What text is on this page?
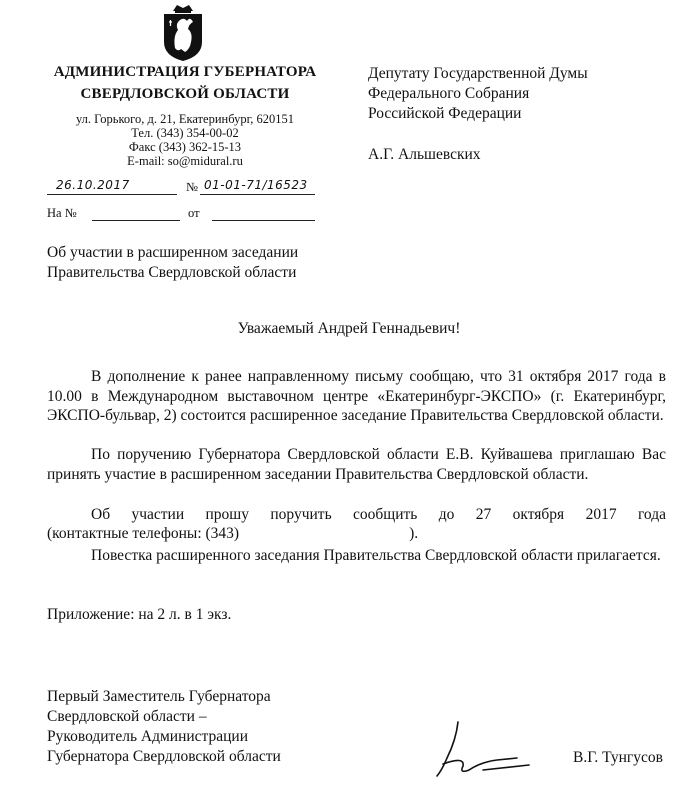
АДМИНИСТРАЦИЯ ГУБЕРНАТОРА
СВЕРДЛОВСКОЙ ОБЛАСТИ
ул. Горького, д. 21, Екатеринбург, 620151
Тел. (343) 354-00-02
Факс (343) 362-15-13
E-mail: so@midural.ru
26.10.2017	№ 01-01-71/16523
На №	от
Депутату Государственной Думы
Федерального Собрания
Российской Федерации
А.Г. Альшевских
Об участии в расширенном заседании
Правительства Свердловской области
Уважаемый Андрей Геннадьевич!
В дополнение к ранее направленному письму сообщаю, что 31 октября 2017 года в 10.00 в Международном выставочном центре «Екатеринбург-ЭКСПО» (г. Екатеринбург, ЭКСПО-бульвар, 2) состоится расширенное заседание Правительства Свердловской области.
По поручению Губернатора Свердловской области Е.В. Куйвашева приглашаю Вас принять участие в расширенном заседании Правительства Свердловской области.
Об участии прошу поручить сообщить до 27 октября 2017 года
(контактные телефоны: (343)	).
Повестка расширенного заседания Правительства Свердловской области прилагается.
Приложение: на 2 л. в 1 экз.
Первый Заместитель Губернатора
Свердловской области –
Руководитель Администрации
Губернатора Свердловской области	В.Г. Тунгусов
